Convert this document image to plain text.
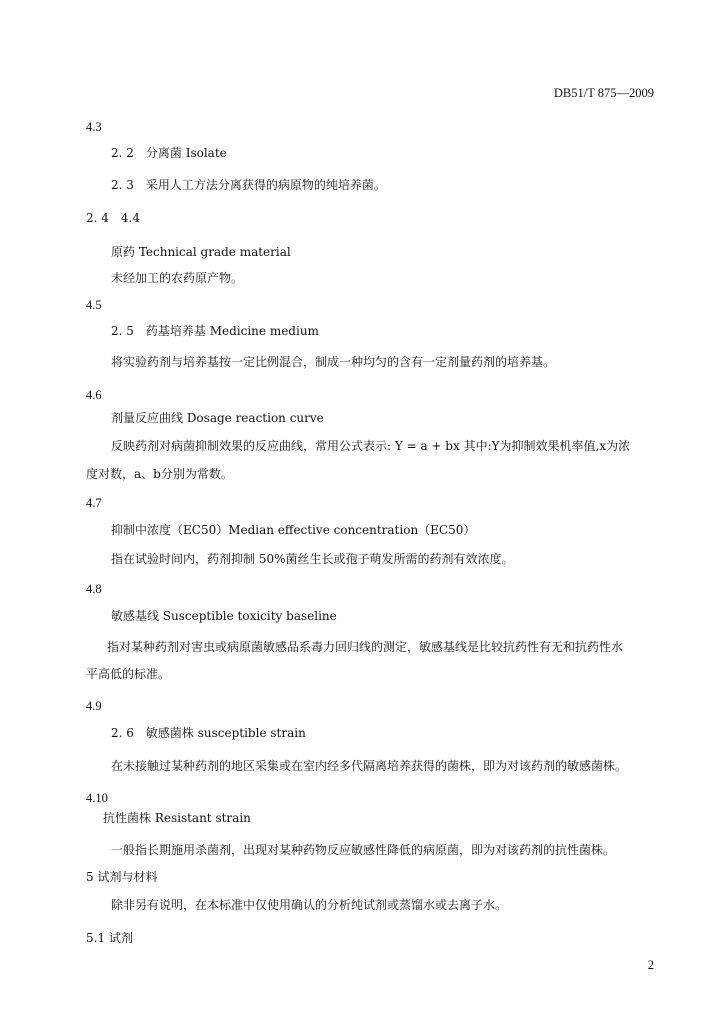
DB51/T 875—2009
4.3
2. 2　分离菌 Isolate
2. 3　采用人工方法分离获得的病原物的纯培养菌。
2. 4　4.4
原药 Technical grade material
未经加工的农药原产物。
4.5
2. 5　药基培养基 Medicine medium
将实验药剂与培养基按一定比例混合，制成一种均匀的含有一定剂量药剂的培养基。
4.6
剂量反应曲线 Dosage reaction curve
反映药剂对病菌抑制效果的反应曲线，常用公式表示: Y = a + bx 其中:Y为抑制效果机率值,x为浓
度对数，a、b分别为常数。
4.7
抑制中浓度（EC50）Median effective concentration（EC50）
指在试验时间内，药剂抑制 50%菌丝生长或孢子萌发所需的药剂有效浓度。
4.8
敏感基线 Susceptible toxicity baseline
指对某种药剂对害虫或病原菌敏感品系毒力回归线的测定，敏感基线是比较抗药性有无和抗药性水
平高低的标准。
4.9
2. 6　敏感菌株 susceptible strain
在未接触过某种药剂的地区采集或在室内经多代隔离培养获得的菌株，即为对该药剂的敏感菌株。
4.10
抗性菌株 Resistant strain
一般指长期施用杀菌剂，出现对某种药物反应敏感性降低的病原菌，即为对该药剂的抗性菌株。
5 试剂与材料
除非另有说明，在本标准中仅使用确认的分析纯试剂或蒸馏水或去离子水。
5.1 试剂
2
